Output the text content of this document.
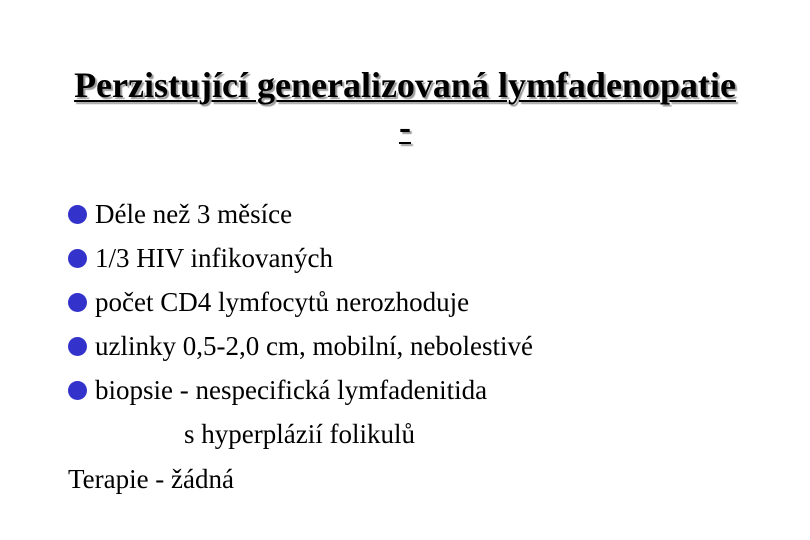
Perzistující generalizovaná lymfadenopatie
-
Déle než 3 měsíce
1/3 HIV infikovaných
počet CD4 lymfocytů nerozhoduje
uzlinky 0,5-2,0 cm, mobilní, nebolestivé
biopsie - nespecifická lymfadenitida
s hyperplázií folikulů
Terapie - žádná
